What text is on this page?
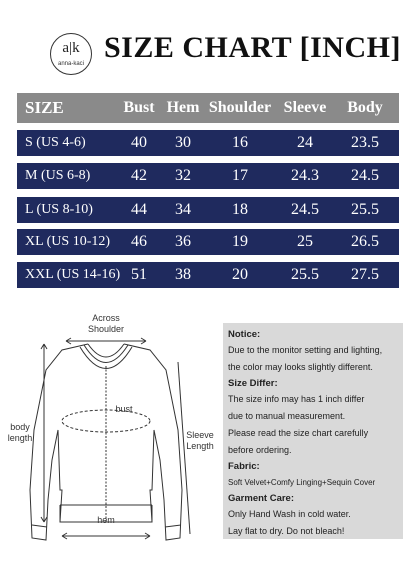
a|k
anna-kaci SIZE CHART [INCH]
SIZE	Bust Hem Shoulder Sleeve	Body
S (US 4-6)	40	30	16	24	23.5
M (US 6-8)	42	32	17	24.3	24.5
L (US 8-10)	44	34	18	24.5	25.5
XL (US 10-12)	46	36	19	25	26.5
XXL (US 14-16) 51	38	20	25.5	27.5
Across
Shoulder
bust
body
length	Sleeve
Length
hem
Notice:
Due to the monitor setting and lighting,
the color may looks slightly different.
Size Differ:
The size info may has 1 inch differ
due to manual measurement.
Please read the size chart carefully
before ordering.
Fabric:
Soft Velvet+Comfy Linging+Sequin Cover
Garment Care:
Only Hand Wash in cold water.
Lay flat to dry. Do not bleach!
